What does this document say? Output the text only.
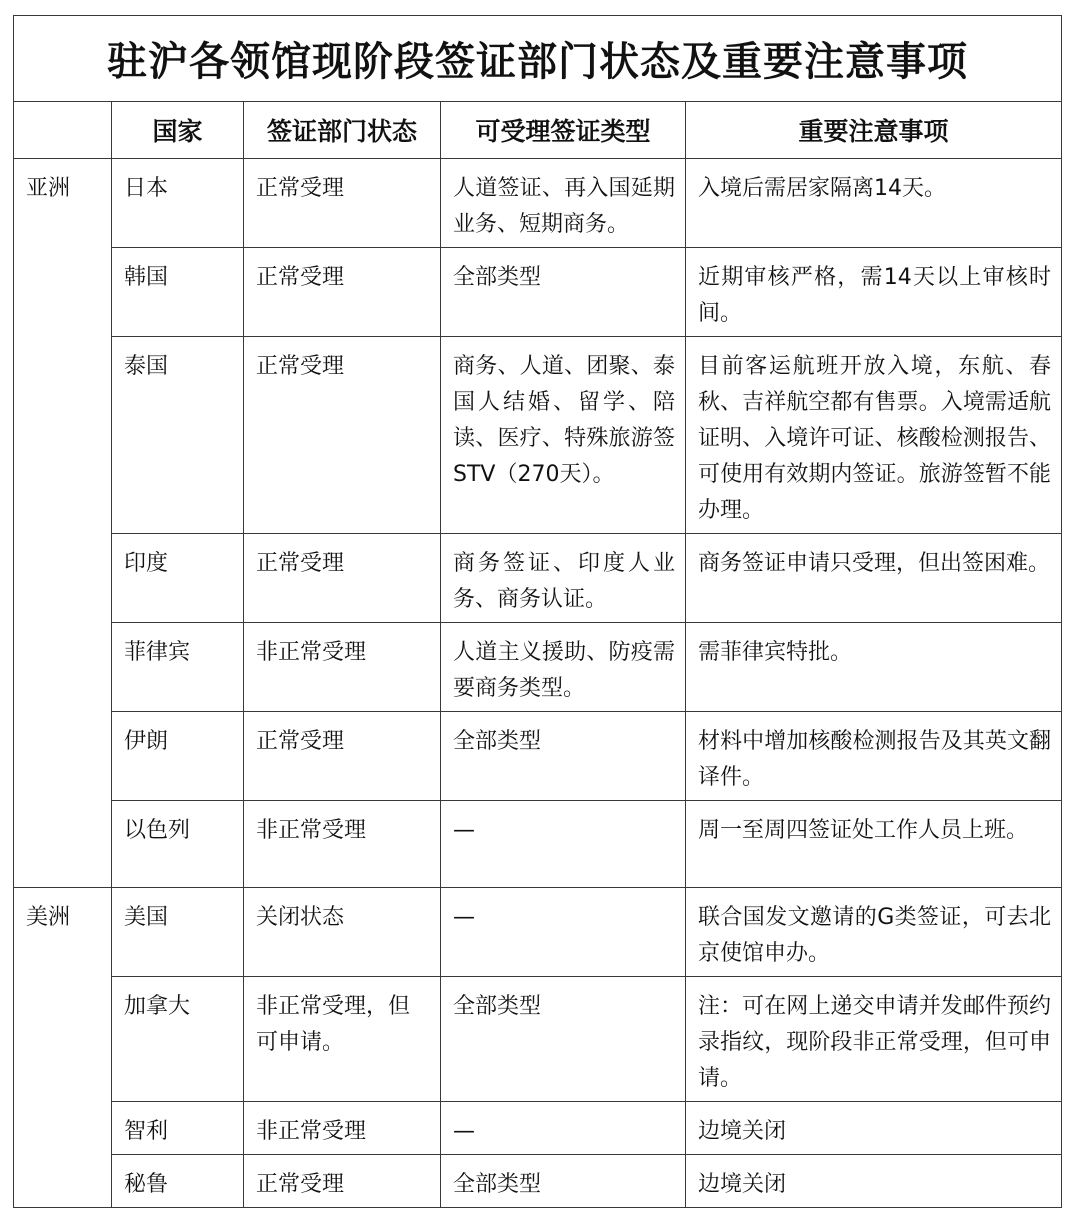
驻沪各领馆现阶段签证部门状态及重要注意事项				
	国家	签证部门状态	可受理签证类型	重要注意事项
亚洲	日本	正常受理	人道签证、再入国延期业务、短期商务。	入境后需居家隔离14天。
	韩国	正常受理	全部类型	近期审核严格，需14天以上审核时间。
	泰国	正常受理	商务、人道、团聚、泰国人结婚、留学、陪读、医疗、特殊旅游签STV（270天）。	目前客运航班开放入境，东航、春秋、吉祥航空都有售票。入境需适航证明、入境许可证、核酸检测报告、可使用有效期内签证。旅游签暂不能办理。
	印度	正常受理	商务签证、印度人业务、商务认证。	商务签证申请只受理，但出签困难。
	菲律宾	非正常受理	人道主义援助、防疫需要商务类型。	需菲律宾特批。
	伊朗	正常受理	全部类型	材料中增加核酸检测报告及其英文翻译件。
	以色列	非正常受理	—	周一至周四签证处工作人员上班。
美洲	美国	关闭状态	—	联合国发文邀请的G类签证，可去北京使馆申办。
	加拿大	非正常受理，但可申请。	全部类型	注：可在网上递交申请并发邮件预约录指纹，现阶段非正常受理，但可申请。
	智利	非正常受理	—	边境关闭
	秘鲁	正常受理	全部类型	边境关闭
